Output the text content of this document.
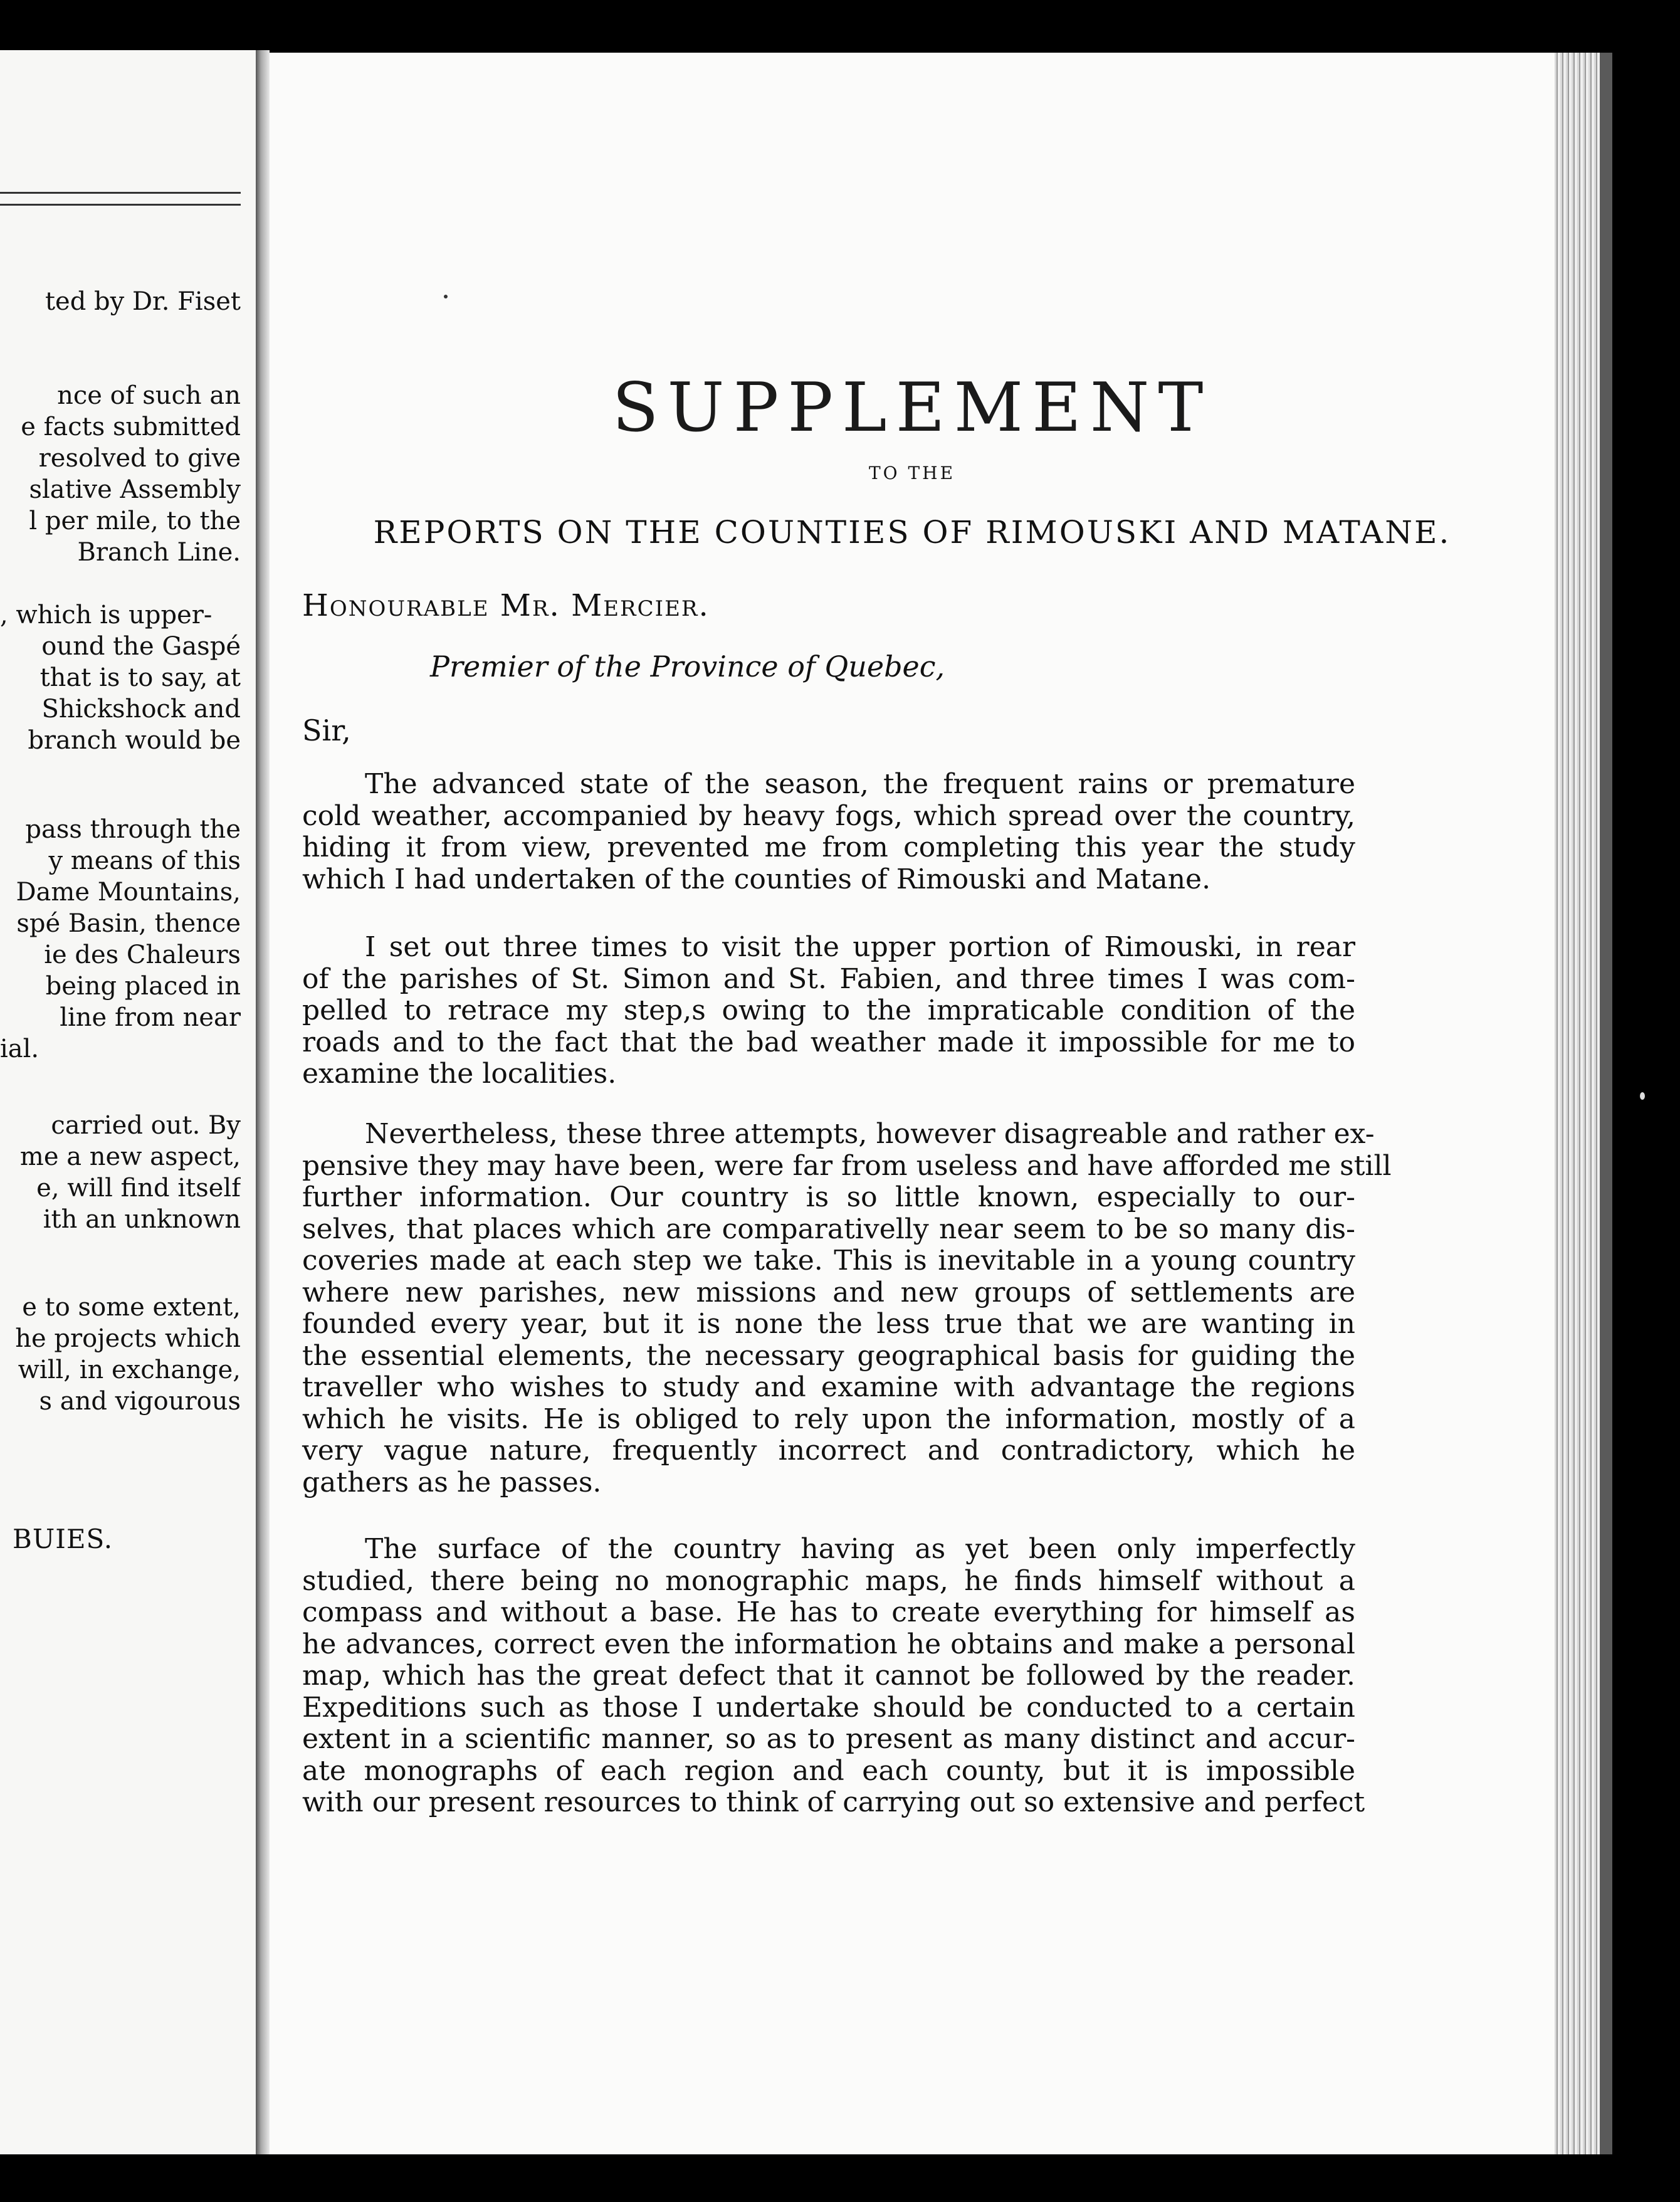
ted by Dr. Fiset
nce of such an
e facts submitted
resolved to give
slative Assembly
l per mile, to the
Branch Line.
, which is upper-
ound the Gaspé
that is to say, at
Shickshock and
branch would be
pass through the
y means of this
Dame Mountains,
spé Basin, thence
ie des Chaleurs
being placed in
line from near
ial.
carried out. By
me a new aspect,
e, will find itself
ith an unknown
e to some extent,
he projects which
will, in exchange,
s and vigourous
BUIES.
SUPPLEMENT
TO THE
REPORTS ON THE COUNTIES OF RIMOUSKI AND MATANE.
Honourable Mr. Mercier.
Premier of the Province of Quebec,
Sir,
The advanced state of the season, the frequent rains or premature
cold weather, accompanied by heavy fogs, which spread over the country,
hiding it from view, prevented me from completing this year the study
which I had undertaken of the counties of Rimouski and Matane.
I set out three times to visit the upper portion of Rimouski, in rear
of the parishes of St. Simon and St. Fabien, and three times I was com-
pelled to retrace my step,s owing to the impraticable condition of the
roads and to the fact that the bad weather made it impossible for me to
examine the localities.
Nevertheless, these three attempts, however disagreable and rather ex-
pensive they may have been, were far from useless and have afforded me still
further information. Our country is so little known, especially to our-
selves, that places which are comparativelly near seem to be so many dis-
coveries made at each step we take. This is inevitable in a young country
where new parishes, new missions and new groups of settlements are
founded every year, but it is none the less true that we are wanting in
the essential elements, the necessary geographical basis for guiding the
traveller who wishes to study and examine with advantage the regions
which he visits. He is obliged to rely upon the information, mostly of a
very vague nature, frequently incorrect and contradictory, which he
gathers as he passes.
The surface of the country having as yet been only imperfectly
studied, there being no monographic maps, he finds himself without a
compass and without a base. He has to create everything for himself as
he advances, correct even the information he obtains and make a personal
map, which has the great defect that it cannot be followed by the reader.
Expeditions such as those I undertake should be conducted to a certain
extent in a scientific manner, so as to present as many distinct and accur-
ate monographs of each region and each county, but it is impossible
with our present resources to think of carrying out so extensive and perfect
